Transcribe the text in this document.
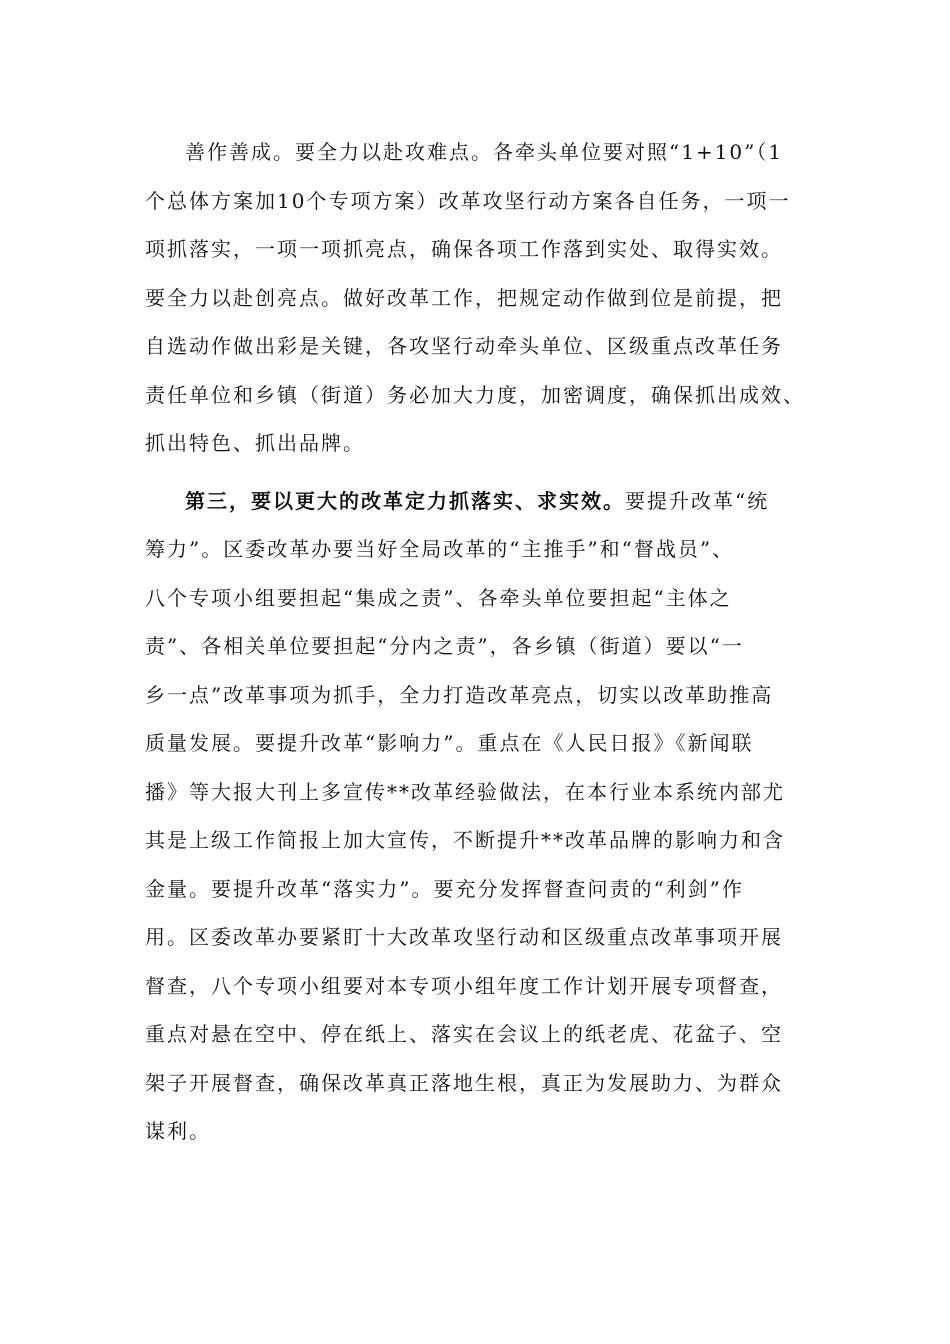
善作善成。要全力以赴攻难点。各牵头单位要对照“1+10”（1

个总体方案加10个专项方案）改革攻坚行动方案各自任务，一项一

项抓落实，一项一项抓亮点，确保各项工作落到实处、取得实效。

要全力以赴创亮点。做好改革工作，把规定动作做到位是前提，把

自选动作做出彩是关键，各攻坚行动牵头单位、区级重点改革任务

责任单位和乡镇（街道）务必加大力度，加密调度，确保抓出成效、

抓出特色、抓出品牌。

第三，要以更大的改革定力抓落实、求实效。要提升改革“统

筹力”。区委改革办要当好全局改革的“主推手”和“督战员”、

八个专项小组要担起“集成之责”、各牵头单位要担起“主体之

责”、各相关单位要担起“分内之责”，各乡镇（街道）要以“一

乡一点”改革事项为抓手，全力打造改革亮点，切实以改革助推高

质量发展。要提升改革“影响力”。重点在《人民日报》《新闻联

播》等大报大刊上多宣传**改革经验做法，在本行业本系统内部尤

其是上级工作简报上加大宣传，不断提升**改革品牌的影响力和含

金量。要提升改革“落实力”。要充分发挥督查问责的“利剑”作

用。区委改革办要紧盯十大改革攻坚行动和区级重点改革事项开展

督查，八个专项小组要对本专项小组年度工作计划开展专项督查，

重点对悬在空中、停在纸上、落实在会议上的纸老虎、花盆子、空

架子开展督查，确保改革真正落地生根，真正为发展助力、为群众

谋利。
